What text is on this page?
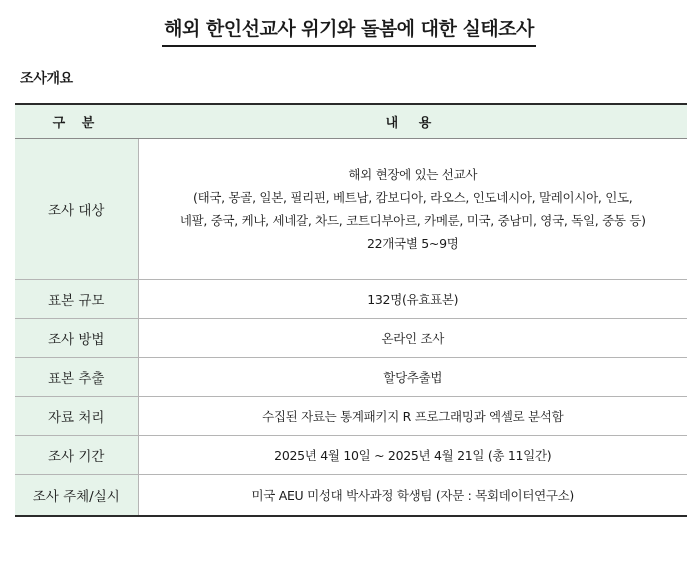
해외 한인선교사 위기와 돌봄에 대한 실태조사
조사개요
구 분	내 용
조사 대상	해외 현장에 있는 선교사
(태국, 몽골, 일본, 필리핀, 베트남, 캄보디아, 라오스, 인도네시아, 말레이시아, 인도,
네팔, 중국, 케냐, 세네갈, 차드, 코트디부아르, 카메룬, 미국, 중남미, 영국, 독일, 중동 등)
22개국별 5~9명

표본 규모	132명(유효표본)
조사 방법	온라인 조사
표본 추출	할당추출법
자료 처리	수집된 자료는 통계패키지 R 프로그래밍과 엑셀로 분석함
조사 기간	2025년 4월 10일 ~ 2025년 4월 21일 (총 11일간)
조사 주체/실시	미국 AEU 미성대 박사과정 학생팀 (자문 : 목회데이터연구소)
